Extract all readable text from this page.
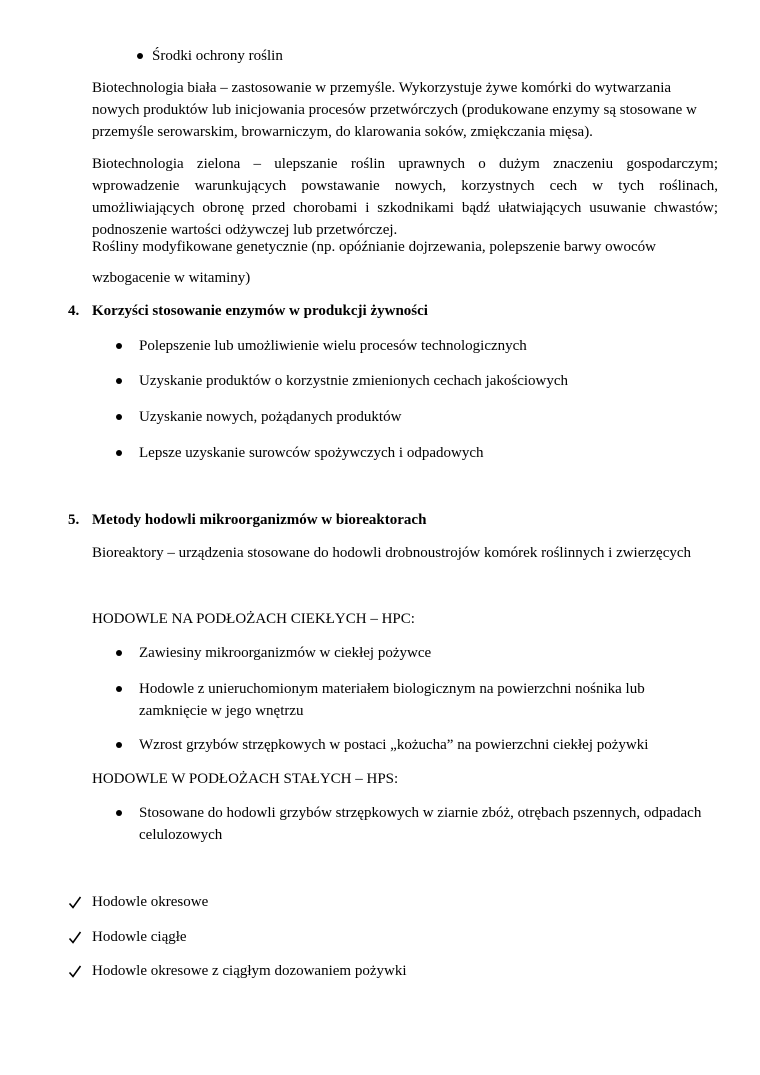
Środki ochrony roślin

Biotechnologia biała – zastosowanie w przemyśle. Wykorzystuje żywe komórki do wytwarzania nowych produktów lub inicjowania procesów przetwórczych (produkowane enzymy są stosowane w przemyśle serowarskim, browarniczym, do klarowania soków, zmiękczania mięsa).

Biotechnologia zielona – ulepszanie roślin uprawnych o dużym znaczeniu gospodarczym; wprowadzenie warunkujących powstawanie nowych, korzystnych cech w tych roślinach, umożliwiających obronę przed chorobami i szkodnikami bądź ułatwiających usuwanie chwastów; podnoszenie wartości odżywczej lub przetwórczej.

Rośliny modyfikowane genetycznie (np. opóźnianie dojrzewania, polepszenie barwy owoców

wzbogacenie w witaminy)

4. Korzyści stosowanie enzymów w produkcji żywności
Polepszenie lub umożliwienie wielu procesów technologicznych
Uzyskanie produktów o korzystnie zmienionych cechach jakościowych
Uzyskanie nowych, pożądanych produktów
Lepsze uzyskanie surowców spożywczych i odpadowych
5. Metody hodowli mikroorganizmów w bioreaktorach

Bioreaktory – urządzenia stosowane do hodowli drobnoustrojów komórek roślinnych i zwierzęcych

HODOWLE NA PODŁOŻACH CIEKŁYCH – HPC:

Zawiesiny mikroorganizmów w ciekłej pożywce
Hodowle z unieruchomionym materiałem biologicznym na powierzchni nośnika lub zamknięcie w jego wnętrzu
Wzrost grzybów strzępkowych w postaci „kożucha” na powierzchni ciekłej pożywki

HODOWLE W PODŁOŻACH STAŁYCH – HPS:

Stosowane do hodowli grzybów strzępkowych w ziarnie zbóż, otrębach pszennych, odpadach celulozowych
Hodowle okresowe
Hodowle ciągłe
Hodowle okresowe z ciągłym dozowaniem pożywki
